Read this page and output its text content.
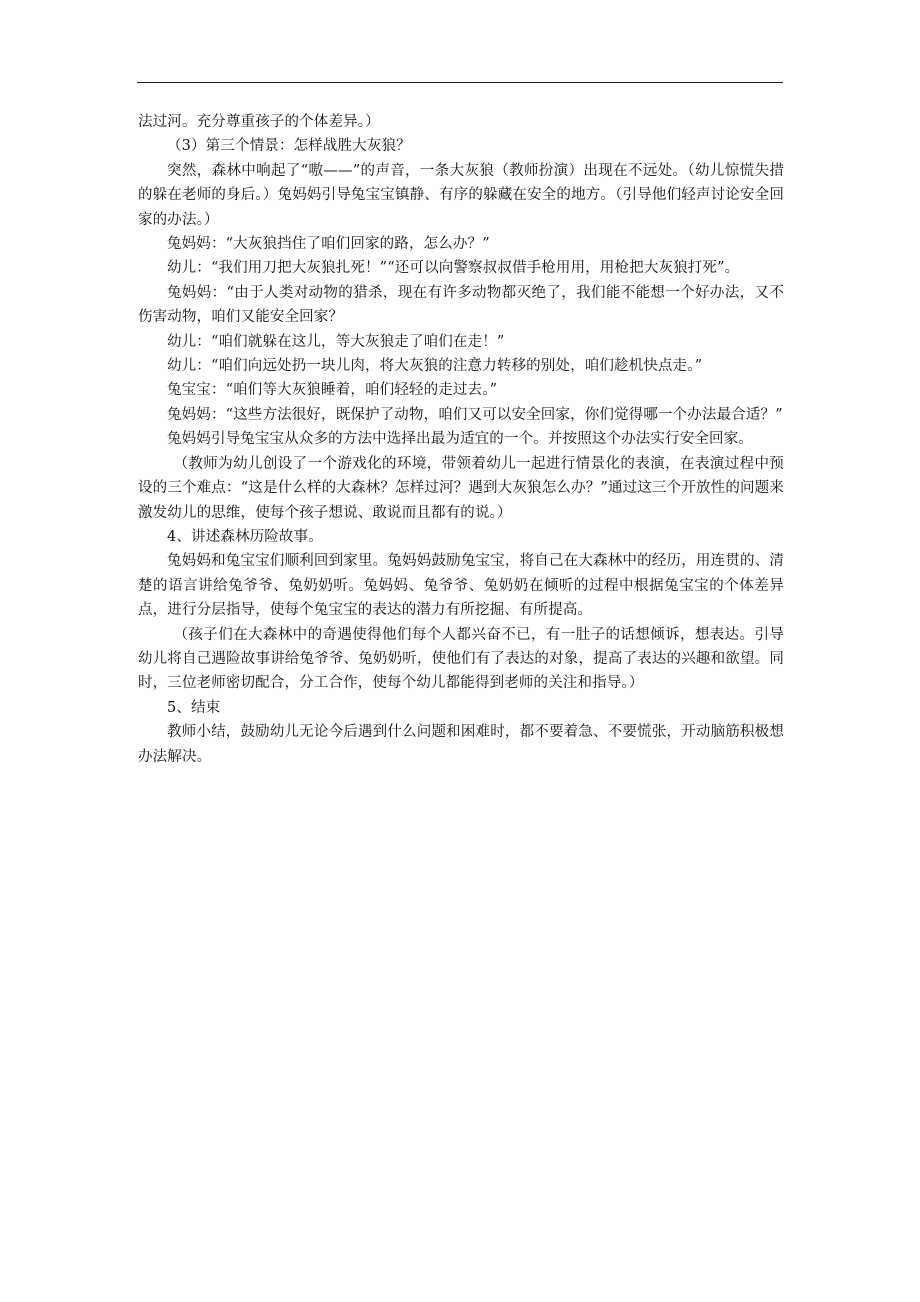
法过河。充分尊重孩子的个体差异。）

（3）第三个情景：怎样战胜大灰狼？

突然，森林中响起了“嗷——”的声音，一条大灰狼（教师扮演）出现在不远处。（幼儿惊慌失措的躲在老师的身后。）兔妈妈引导兔宝宝镇静、有序的躲藏在安全的地方。（引导他们轻声讨论安全回家的办法。）

兔妈妈：“大灰狼挡住了咱们回家的路，怎么办？”

幼儿：“我们用刀把大灰狼扎死！”“还可以向警察叔叔借手枪用用，用枪把大灰狼打死”。

兔妈妈：“由于人类对动物的猎杀，现在有许多动物都灭绝了，我们能不能想一个好办法，又不伤害动物，咱们又能安全回家？

幼儿：“咱们就躲在这儿，等大灰狼走了咱们在走！”

幼儿：“咱们向远处扔一块儿肉，将大灰狼的注意力转移的别处，咱们趁机快点走。”

兔宝宝：“咱们等大灰狼睡着，咱们轻轻的走过去。”

兔妈妈：“这些方法很好，既保护了动物，咱们又可以安全回家，你们觉得哪一个办法最合适？”

兔妈妈引导兔宝宝从众多的方法中选择出最为适宜的一个。并按照这个办法实行安全回家。

（教师为幼儿创设了一个游戏化的环境，带领着幼儿一起进行情景化的表演，在表演过程中预设的三个难点：“这是什么样的大森林？怎样过河？遇到大灰狼怎么办？”通过这三个开放性的问题来激发幼儿的思维，使每个孩子想说、敢说而且都有的说。）

4、讲述森林历险故事。

兔妈妈和兔宝宝们顺利回到家里。兔妈妈鼓励兔宝宝，将自己在大森林中的经历，用连贯的、清楚的语言讲给兔爷爷、兔奶奶听。兔妈妈、兔爷爷、兔奶奶在倾听的过程中根据兔宝宝的个体差异点，进行分层指导，使每个兔宝宝的表达的潜力有所挖掘、有所提高。

（孩子们在大森林中的奇遇使得他们每个人都兴奋不已，有一肚子的话想倾诉，想表达。引导幼儿将自己遇险故事讲给兔爷爷、兔奶奶听，使他们有了表达的对象，提高了表达的兴趣和欲望。同时，三位老师密切配合，分工合作，使每个幼儿都能得到老师的关注和指导。）

5、结束

教师小结，鼓励幼儿无论今后遇到什么问题和困难时，都不要着急、不要慌张，开动脑筋积极想办法解决。
